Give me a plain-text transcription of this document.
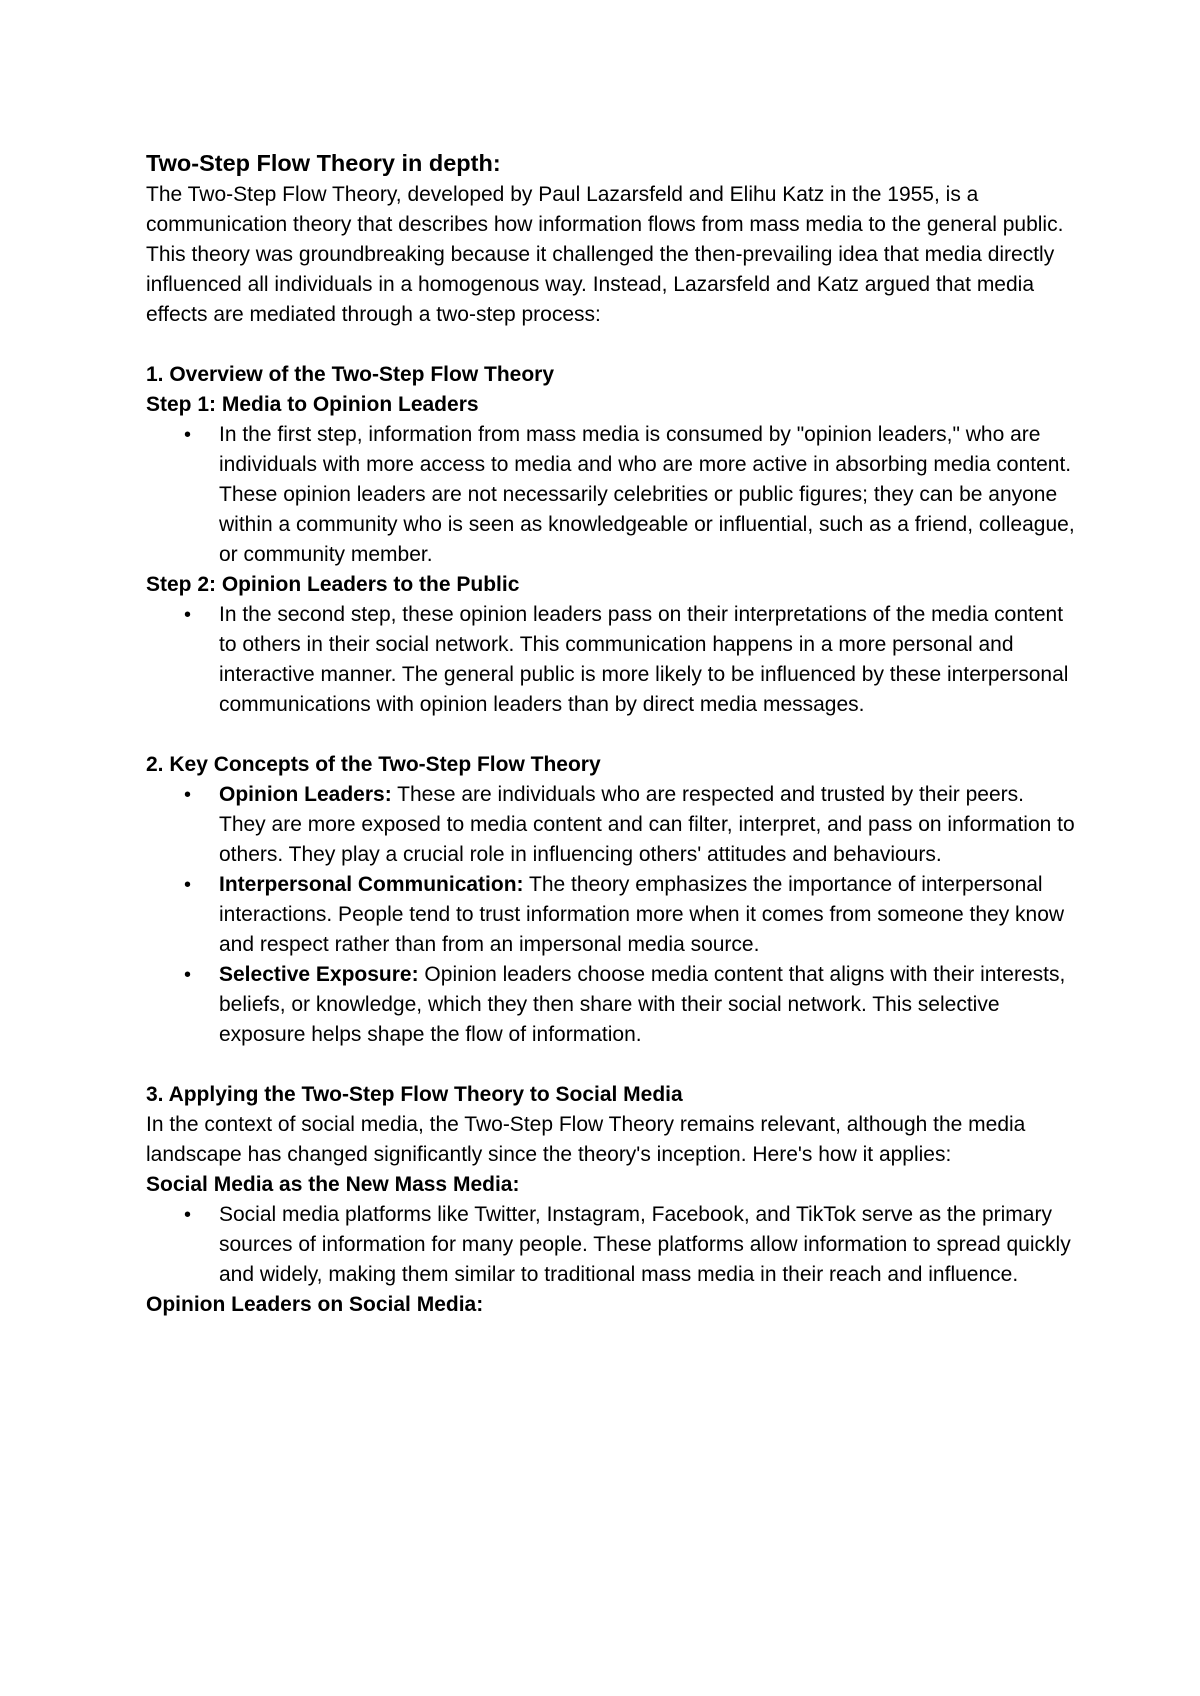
Two-Step Flow Theory in depth:

The Two-Step Flow Theory, developed by Paul Lazarsfeld and Elihu Katz in the 1955, is a communication theory that describes how information flows from mass media to the general public. This theory was groundbreaking because it challenged the then-prevailing idea that media directly influenced all individuals in a homogenous way. Instead, Lazarsfeld and Katz argued that media effects are mediated through a two-step process:

1. Overview of the Two-Step Flow Theory
Step 1: Media to Opinion Leaders
• In the first step, information from mass media is consumed by "opinion leaders," who are individuals with more access to media and who are more active in absorbing media content. These opinion leaders are not necessarily celebrities or public figures; they can be anyone within a community who is seen as knowledgeable or influential, such as a friend, colleague, or community member.
Step 2: Opinion Leaders to the Public
• In the second step, these opinion leaders pass on their interpretations of the media content to others in their social network. This communication happens in a more personal and interactive manner. The general public is more likely to be influenced by these interpersonal communications with opinion leaders than by direct media messages.
2. Key Concepts of the Two-Step Flow Theory
• Opinion Leaders: These are individuals who are respected and trusted by their peers. They are more exposed to media content and can filter, interpret, and pass on information to others. They play a crucial role in influencing others' attitudes and behaviours.
• Interpersonal Communication: The theory emphasizes the importance of interpersonal interactions. People tend to trust information more when it comes from someone they know and respect rather than from an impersonal media source.
• Selective Exposure: Opinion leaders choose media content that aligns with their interests, beliefs, or knowledge, which they then share with their social network. This selective exposure helps shape the flow of information.
3. Applying the Two-Step Flow Theory to Social Media

In the context of social media, the Two-Step Flow Theory remains relevant, although the media landscape has changed significantly since the theory's inception. Here's how it applies:

Social Media as the New Mass Media:
• Social media platforms like Twitter, Instagram, Facebook, and TikTok serve as the primary sources of information for many people. These platforms allow information to spread quickly and widely, making them similar to traditional mass media in their reach and influence.
Opinion Leaders on Social Media:
